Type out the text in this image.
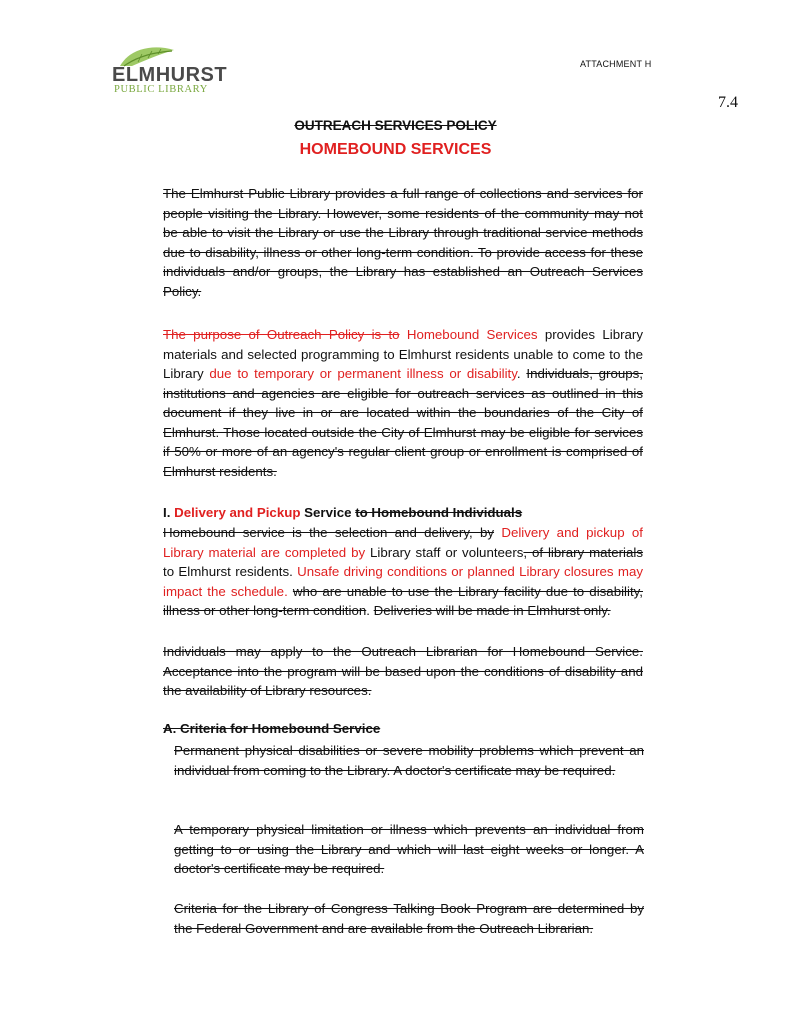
ELMHURST
PUBLIC LIBRARY
ATTACHMENT H
7.4
OUTREACH SERVICES POLICY
HOMEBOUND SERVICES
The Elmhurst Public Library provides a full range of collections and services for people visiting the Library. However, some residents of the community may not be able to visit the Library or use the Library through traditional service methods due to disability, illness or other long-term condition. To provide access for these individuals and/or groups, the Library has established an Outreach Services Policy.
The purpose of Outreach Policy is to Homebound Services provides Library materials and selected programming to Elmhurst residents unable to come to the Library due to temporary or permanent illness or disability. Individuals, groups, institutions and agencies are eligible for outreach services as outlined in this document if they live in or are located within the boundaries of the City of Elmhurst. Those located outside the City of Elmhurst may be eligible for services if 50% or more of an agency's regular client group or enrollment is comprised of Elmhurst residents.
I. Delivery and Pickup Service to Homebound Individuals
Homebound service is the selection and delivery, by Delivery and pickup of Library material are completed by Library staff or volunteers, of library materials to Elmhurst residents. Unsafe driving conditions or planned Library closures may impact the schedule. who are unable to use the Library facility due to disability, illness or other long-term condition. Deliveries will be made in Elmhurst only.
Individuals may apply to the Outreach Librarian for Homebound Service. Acceptance into the program will be based upon the conditions of disability and the availability of Library resources.
A. Criteria for Homebound Service
Permanent physical disabilities or severe mobility problems which prevent an individual from coming to the Library. A doctor's certificate may be required.
A temporary physical limitation or illness which prevents an individual from getting to or using the Library and which will last eight weeks or longer. A doctor's certificate may be required.
Criteria for the Library of Congress Talking Book Program are determined by the Federal Government and are available from the Outreach Librarian.
